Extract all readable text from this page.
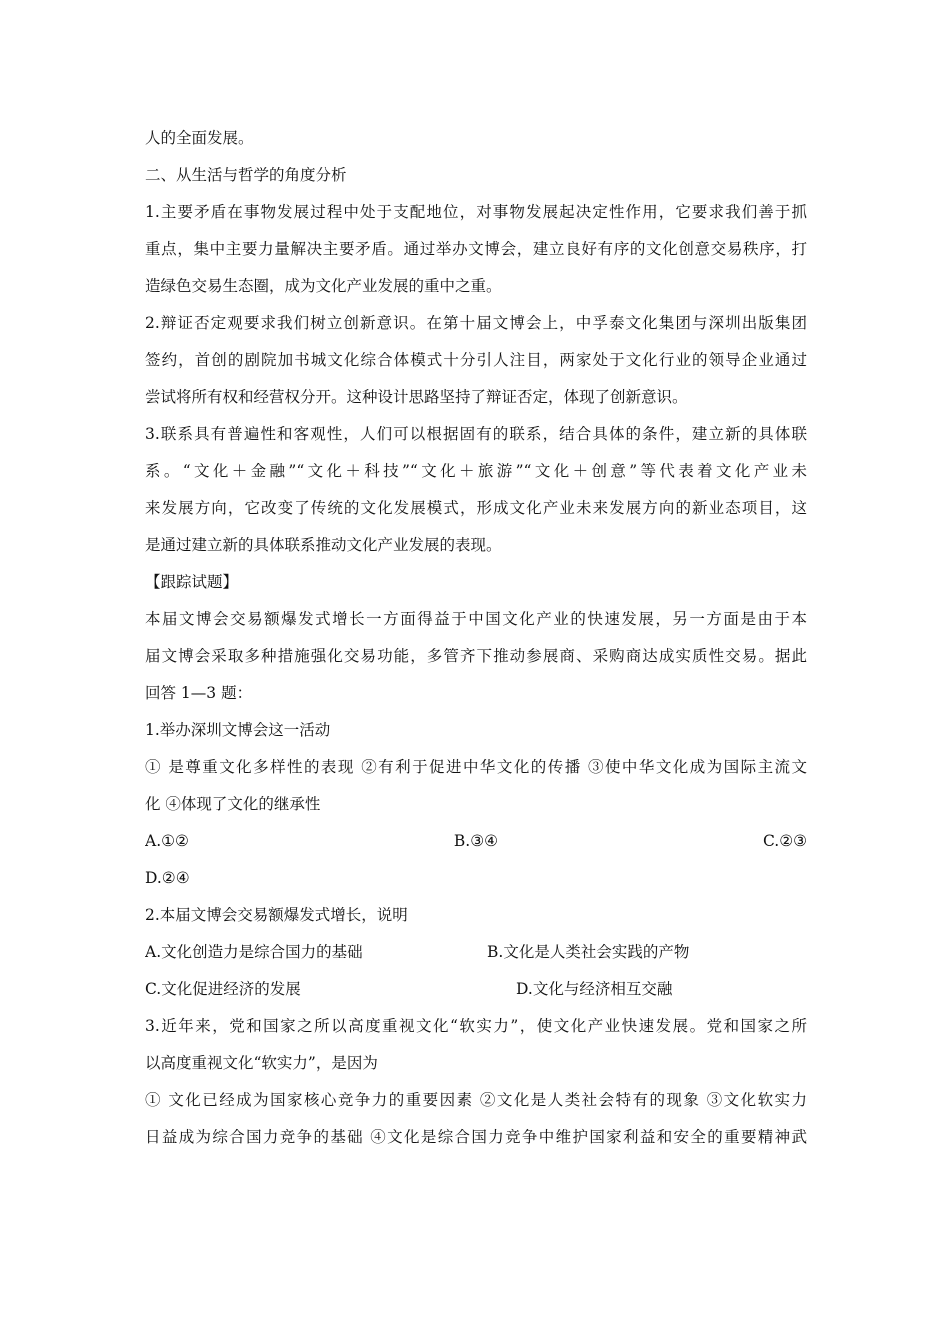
人的全面发展。
二、从生活与哲学的角度分析
1.主要矛盾在事物发展过程中处于支配地位，对事物发展起决定性作用，它要求我们善于抓
重点，集中主要力量解决主要矛盾。通过举办文博会，建立良好有序的文化创意交易秩序，打
造绿色交易生态圈，成为文化产业发展的重中之重。
2.辩证否定观要求我们树立创新意识。在第十届文博会上，中孚泰文化集团与深圳出版集团
签约，首创的剧院加书城文化综合体模式十分引人注目，两家处于文化行业的领导企业通过
尝试将所有权和经营权分开。这种设计思路坚持了辩证否定，体现了创新意识。
3.联系具有普遍性和客观性，人们可以根据固有的联系，结合具体的条件，建立新的具体联
系。“文化＋金融”“文化＋科技”“文化＋旅游”“文化＋创意”等代表着文化产业未
来发展方向，它改变了传统的文化发展模式，形成文化产业未来发展方向的新业态项目，这
是通过建立新的具体联系推动文化产业发展的表现。
【跟踪试题】
本届文博会交易额爆发式增长一方面得益于中国文化产业的快速发展，另一方面是由于本
届文博会采取多种措施强化交易功能，多管齐下推动参展商、采购商达成实质性交易。据此
回答 1—3 题：
1.举办深圳文博会这一活动
① 是尊重文化多样性的表现 ②有利于促进中华文化的传播 ③使中华文化成为国际主流文
化 ④体现了文化的继承性
A.①②	B.③④	C.②③
D.②④
2.本届文博会交易额爆发式增长，说明
A.文化创造力是综合国力的基础	B.文化是人类社会实践的产物
C.文化促进经济的发展	D.文化与经济相互交融
3.近年来，党和国家之所以高度重视文化“软实力”，使文化产业快速发展。党和国家之所
以高度重视文化“软实力”，是因为
① 文化已经成为国家核心竞争力的重要因素 ②文化是人类社会特有的现象 ③文化软实力
日益成为综合国力竞争的基础 ④文化是综合国力竞争中维护国家利益和安全的重要精神武
